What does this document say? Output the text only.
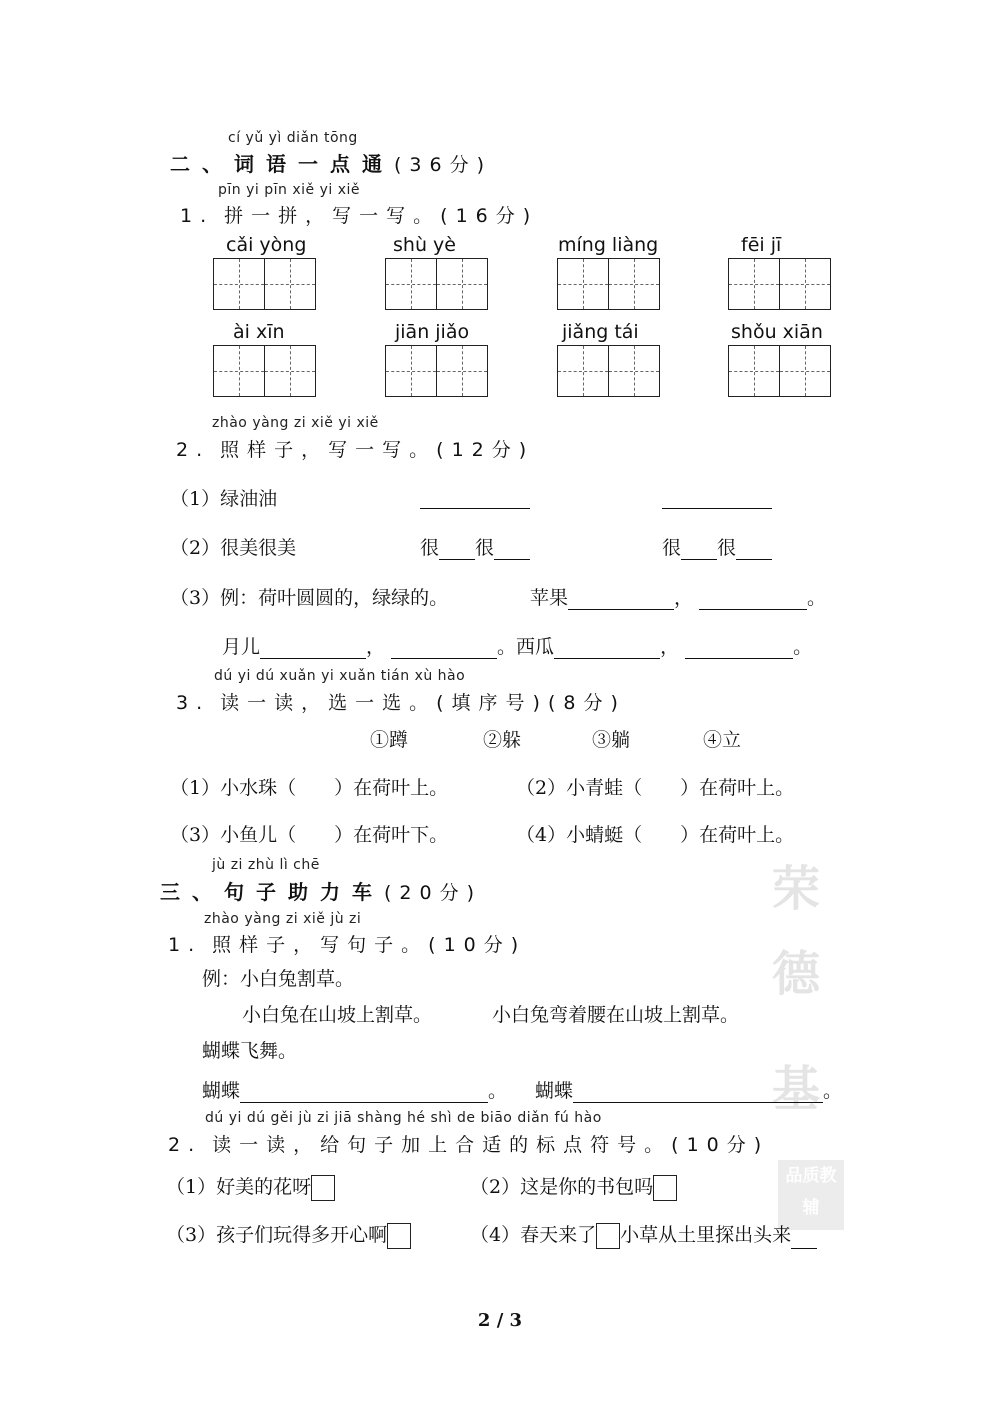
荣
德
基
品质教辅
cí yǔ yì diǎn tōng
二、词语一点通(36分)
pīn yi pīn xiě yi xiě
1. 拼一拼，写一写。(16分)
cǎi yòng	shù yè	míng liàng	fēi jī
ài xīn	jiān jiǎo	jiǎng tái	shǒu xiān
zhào yàng zi xiě yi xiě
2. 照样子，写一写。(12分)
（1）绿油油
（2）很美很美	很 很	很 很
（3）例：荷叶圆圆的，绿绿的。	苹果	，	。
月儿	，	。西瓜	，	。
dú yi dú xuǎn yi xuǎn tián xù hào
3. 读一读，选一选。(填序号)(8分)
①蹲	②躲	③躺	④立
（1）小水珠（　　）在荷叶上。	（2）小青蛙（　　）在荷叶上。
（3）小鱼儿（　　）在荷叶下。	（4）小蜻蜓（　　）在荷叶上。
jù zi zhù lì chē
三、句子助力车(20分)
zhào yàng zi xiě jù zi
1. 照样子，写句子。(10分)
例：小白兔割草。
小白兔在山坡上割草。	小白兔弯着腰在山坡上割草。
蝴蝶飞舞。
蝴蝶	。 蝴蝶	。
dú yi dú gěi jù zi jiā shàng hé shì de biāo diǎn fú hào
2. 读一读，给句子加上合适的标点符号。(10分)
（1）好美的花呀	（2）这是你的书包吗
（3）孩子们玩得多开心啊	（4）春天来了 小草从土里探出头来
2 / 3
